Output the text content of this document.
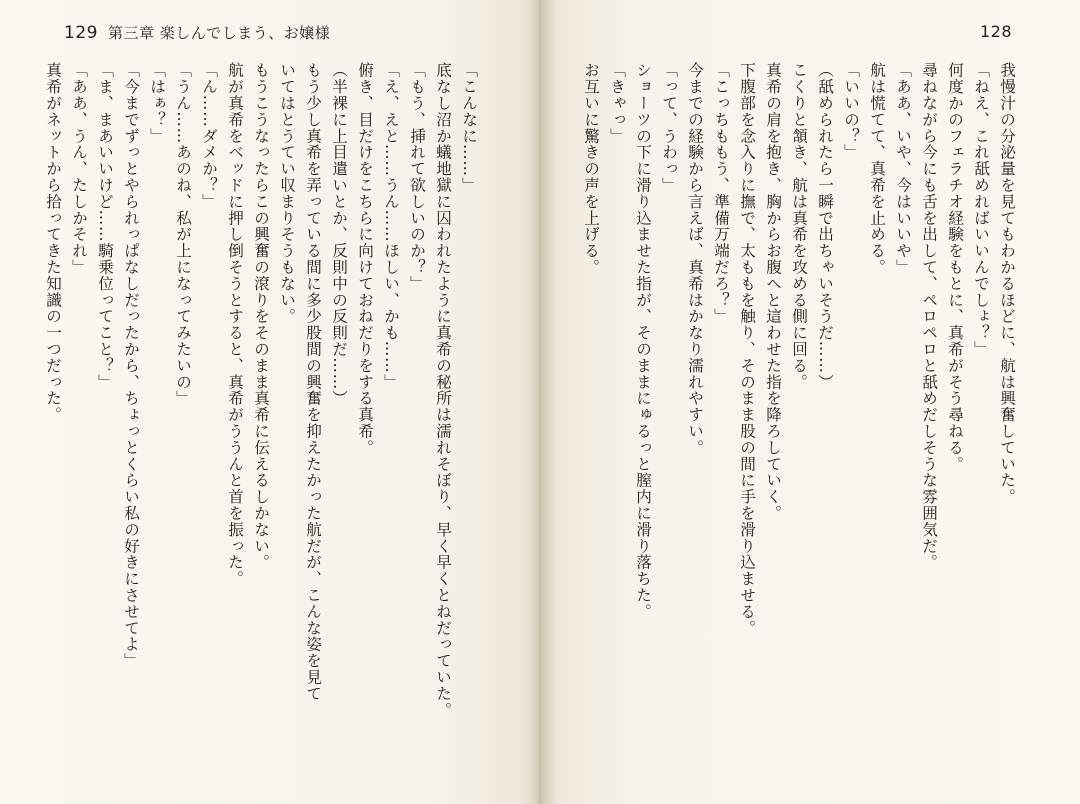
129 第三章 楽しんでしまう、お嬢様
「こんなに……」
底なし沼か蟻地獄に囚われたように真希の秘所は濡れそぼり、早く早くとねだっていた。
「もう、挿れて欲しいのか？」
「え、えと……うん……ほしい、かも……」
俯き、目だけをこちらに向けておねだりをする真希。
（半裸に上目遣いとか、反則中の反則だ……）
もう少し真希を弄っている間に多少股間の興奮を抑えたかった航だが、こんな姿を見て
いてはとうてい収まりそうもない。
もうこうなったらこの興奮の滾りをそのまま真希に伝えるしかない。
航が真希をベッドに押し倒そうとすると、真希がううんと首を振った。
「ん……ダメか？」
「うん……あのね、私が上になってみたいの」
「はぁ？」
「今までずっとやられっぱなしだったから、ちょっとくらい私の好きにさせてよ」
「ま、まあいいけど……騎乗位ってこと？」
「ああ、うん、たしかそれ」
真希がネットから拾ってきた知識の一つだった。
128
我慢汁の分泌量を見てもわかるほどに、航は興奮していた。
「ねえ、これ舐めればいいんでしょ？」
何度かのフェラチオ経験をもとに、真希がそう尋ねる。
尋ねながら今にも舌を出して、ペロペロと舐めだしそうな雰囲気だ。
「ああ、いや、今はいいや」
航は慌てて、真希を止める。
「いいの？」
（舐められたら一瞬で出ちゃいそうだ……）
こくりと頷き、航は真希を攻める側に回る。
真希の肩を抱き、胸からお腹へと這わせた指を降ろしていく。
下腹部を念入りに撫で、太ももを触り、そのまま股の間に手を滑り込ませる。
「こっちももう、準備万端だろ？」
今までの経験から言えば、真希はかなり濡れやすい。
「って、うわっ」
ショーツの下に滑り込ませた指が、そのままにゅるっと膣内に滑り落ちた。
「きゃっ」
お互いに驚きの声を上げる。
